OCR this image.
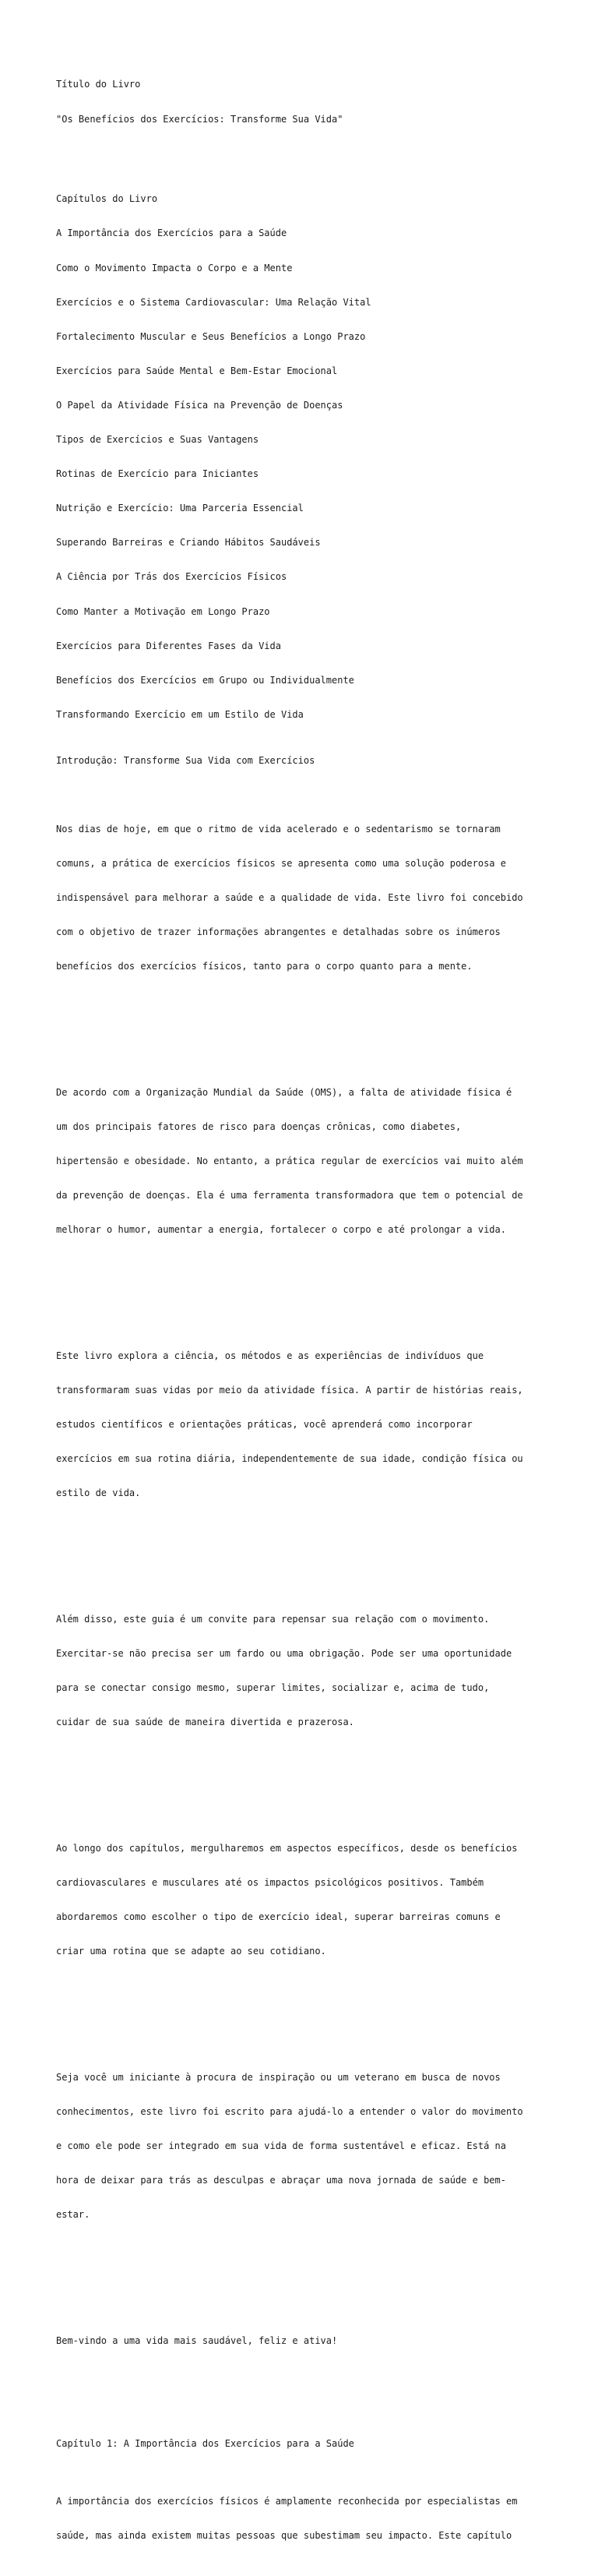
Título do Livro

"Os Benefícios dos Exercícios: Transforme Sua Vida"

Capítulos do Livro

A Importância dos Exercícios para a Saúde

Como o Movimento Impacta o Corpo e a Mente

Exercícios e o Sistema Cardiovascular: Uma Relação Vital

Fortalecimento Muscular e Seus Benefícios a Longo Prazo

Exercícios para Saúde Mental e Bem-Estar Emocional

O Papel da Atividade Física na Prevenção de Doenças

Tipos de Exercícios e Suas Vantagens

Rotinas de Exercício para Iniciantes

Nutrição e Exercício: Uma Parceria Essencial

Superando Barreiras e Criando Hábitos Saudáveis

A Ciência por Trás dos Exercícios Físicos

Como Manter a Motivação em Longo Prazo

Exercícios para Diferentes Fases da Vida

Benefícios dos Exercícios em Grupo ou Individualmente

Transformando Exercício em um Estilo de Vida

Introdução: Transforme Sua Vida com Exercícios

Nos dias de hoje, em que o ritmo de vida acelerado e o sedentarismo se tornaram

comuns, a prática de exercícios físicos se apresenta como uma solução poderosa e

indispensável para melhorar a saúde e a qualidade de vida. Este livro foi concebido

com o objetivo de trazer informações abrangentes e detalhadas sobre os inúmeros

benefícios dos exercícios físicos, tanto para o corpo quanto para a mente.

De acordo com a Organização Mundial da Saúde (OMS), a falta de atividade física é

um dos principais fatores de risco para doenças crônicas, como diabetes,

hipertensão e obesidade. No entanto, a prática regular de exercícios vai muito além

da prevenção de doenças. Ela é uma ferramenta transformadora que tem o potencial de

melhorar o humor, aumentar a energia, fortalecer o corpo e até prolongar a vida.

Este livro explora a ciência, os métodos e as experiências de indivíduos que

transformaram suas vidas por meio da atividade física. A partir de histórias reais,

estudos científicos e orientações práticas, você aprenderá como incorporar

exercícios em sua rotina diária, independentemente de sua idade, condição física ou

estilo de vida.

Além disso, este guia é um convite para repensar sua relação com o movimento.

Exercitar-se não precisa ser um fardo ou uma obrigação. Pode ser uma oportunidade

para se conectar consigo mesmo, superar limites, socializar e, acima de tudo,

cuidar de sua saúde de maneira divertida e prazerosa.

Ao longo dos capítulos, mergulharemos em aspectos específicos, desde os benefícios

cardiovasculares e musculares até os impactos psicológicos positivos. Também

abordaremos como escolher o tipo de exercício ideal, superar barreiras comuns e

criar uma rotina que se adapte ao seu cotidiano.

Seja você um iniciante à procura de inspiração ou um veterano em busca de novos

conhecimentos, este livro foi escrito para ajudá-lo a entender o valor do movimento

e como ele pode ser integrado em sua vida de forma sustentável e eficaz. Está na

hora de deixar para trás as desculpas e abraçar uma nova jornada de saúde e bem-

estar.

Bem-vindo a uma vida mais saudável, feliz e ativa!

Capítulo 1: A Importância dos Exercícios para a Saúde

A importância dos exercícios físicos é amplamente reconhecida por especialistas em

saúde, mas ainda existem muitas pessoas que subestimam seu impacto. Este capítulo
